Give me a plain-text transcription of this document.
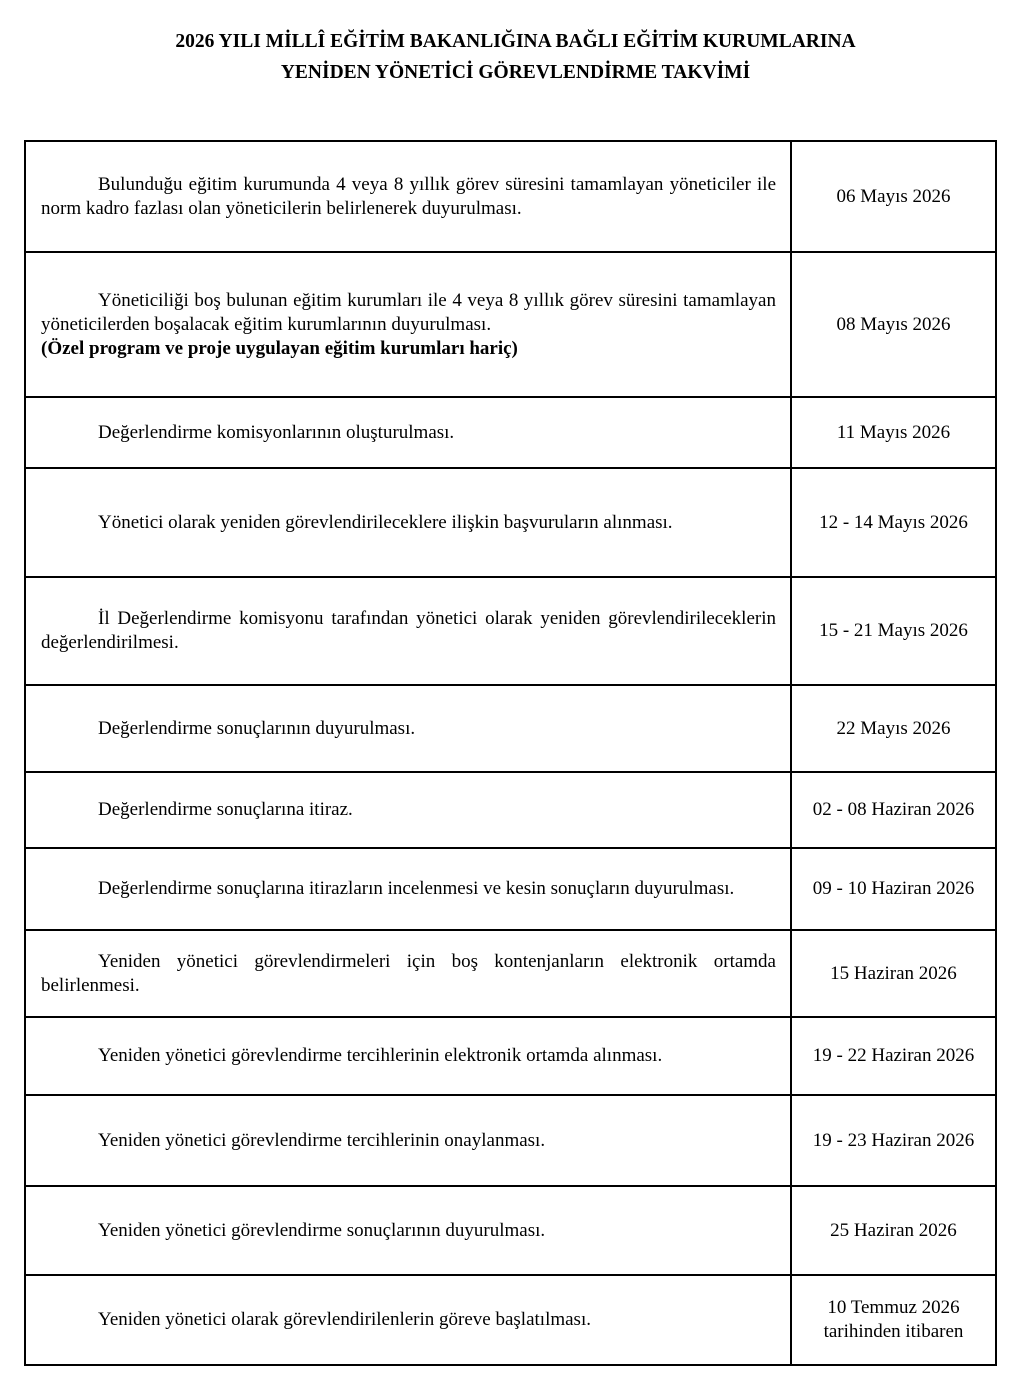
2026 YILI MİLLÎ EĞİTİM BAKANLIĞINA BAĞLI EĞİTİM KURUMLARINA
YENİDEN YÖNETİCİ GÖREVLENDİRME TAKVİMİ
Bulunduğu eğitim kurumunda 4 veya 8 yıllık görev süresini tamamlayan yöneticiler ile norm kadro fazlası olan yöneticilerin belirlenerek duyurulması.	06 Mayıs 2026

Yöneticiliği boş bulunan eğitim kurumları ile 4 veya 8 yıllık görev süresini tamamlayan yöneticilerden boşalacak eğitim kurumlarının duyurulması.
(Özel program ve proje uygulayan eğitim kurumları hariç)	08 Mayıs 2026

Değerlendirme komisyonlarının oluşturulması.	11 Mayıs 2026

Yönetici olarak yeniden görevlendirileceklere ilişkin başvuruların alınması.	12 - 14 Mayıs 2026

İl Değerlendirme komisyonu tarafından yönetici olarak yeniden görevlendirileceklerin değerlendirilmesi.	15 - 21 Mayıs 2026

Değerlendirme sonuçlarının duyurulması.	22 Mayıs 2026

Değerlendirme sonuçlarına itiraz.	02 - 08 Haziran 2026

Değerlendirme sonuçlarına itirazların incelenmesi ve kesin sonuçların duyurulması.	09 - 10 Haziran 2026

Yeniden yönetici görevlendirmeleri için boş kontenjanların elektronik ortamda belirlenmesi.	15 Haziran 2026

Yeniden yönetici görevlendirme tercihlerinin elektronik ortamda alınması.	19 - 22 Haziran 2026

Yeniden yönetici görevlendirme tercihlerinin onaylanması.	19 - 23 Haziran 2026

Yeniden yönetici görevlendirme sonuçlarının duyurulması.	25 Haziran 2026

Yeniden yönetici olarak görevlendirilenlerin göreve başlatılması.	10 Temmuz 2026
tarihinden itibaren
